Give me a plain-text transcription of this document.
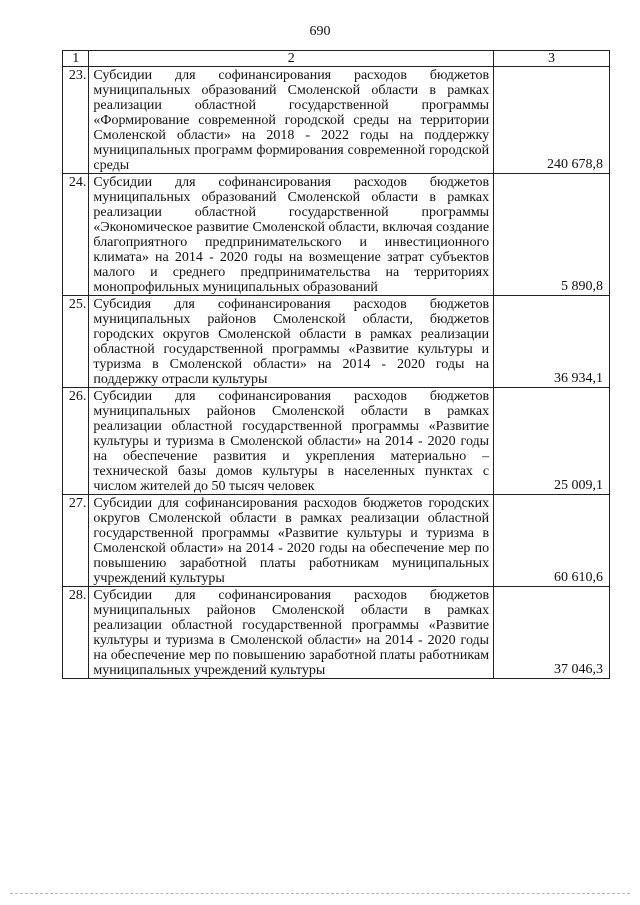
690
1	2	3
23.	Субсидии для софинансирования расходов бюджетов муниципальных образований Смоленской области в рамках реализации областной государственной программы «Формирование современной городской среды на территории Смоленской области» на 2018 - 2022 годы на поддержку муниципальных программ формирования современной городской среды	240 678,8
24.	Субсидии для софинансирования расходов бюджетов муниципальных образований Смоленской области в рамках реализации областной государственной программы «Экономическое развитие Смоленской области, включая создание благоприятного предпринимательского и инвестиционного климата» на 2014 - 2020 годы на возмещение затрат субъектов малого и среднего предпринимательства на территориях монопрофильных муниципальных образований	5 890,8
25.	Субсидия для софинансирования расходов бюджетов муниципальных районов Смоленской области, бюджетов городских округов Смоленской области в рамках реализации областной государственной программы «Развитие культуры и туризма в Смоленской области» на 2014 - 2020 годы на поддержку отрасли культуры	36 934,1
26.	Субсидии для софинансирования расходов бюджетов муниципальных районов Смоленской области в рамках реализации областной государственной программы «Развитие культуры и туризма в Смоленской области» на 2014 - 2020 годы на обеспечение развития и укрепления материально – технической базы домов культуры в населенных пунктах с числом жителей до 50 тысяч человек	25 009,1
27.	Субсидии для софинансирования расходов бюджетов городских округов Смоленской области в рамках реализации областной государственной программы «Развитие культуры и туризма в Смоленской области» на 2014 - 2020 годы на обеспечение мер по повышению заработной платы работникам муниципальных учреждений культуры	60 610,6
28.	Субсидии для софинансирования расходов бюджетов муниципальных районов Смоленской области в рамках реализации областной государственной программы «Развитие культуры и туризма в Смоленской области» на 2014 - 2020 годы на обеспечение мер по повышению заработной платы работникам муниципальных учреждений культуры	37 046,3
